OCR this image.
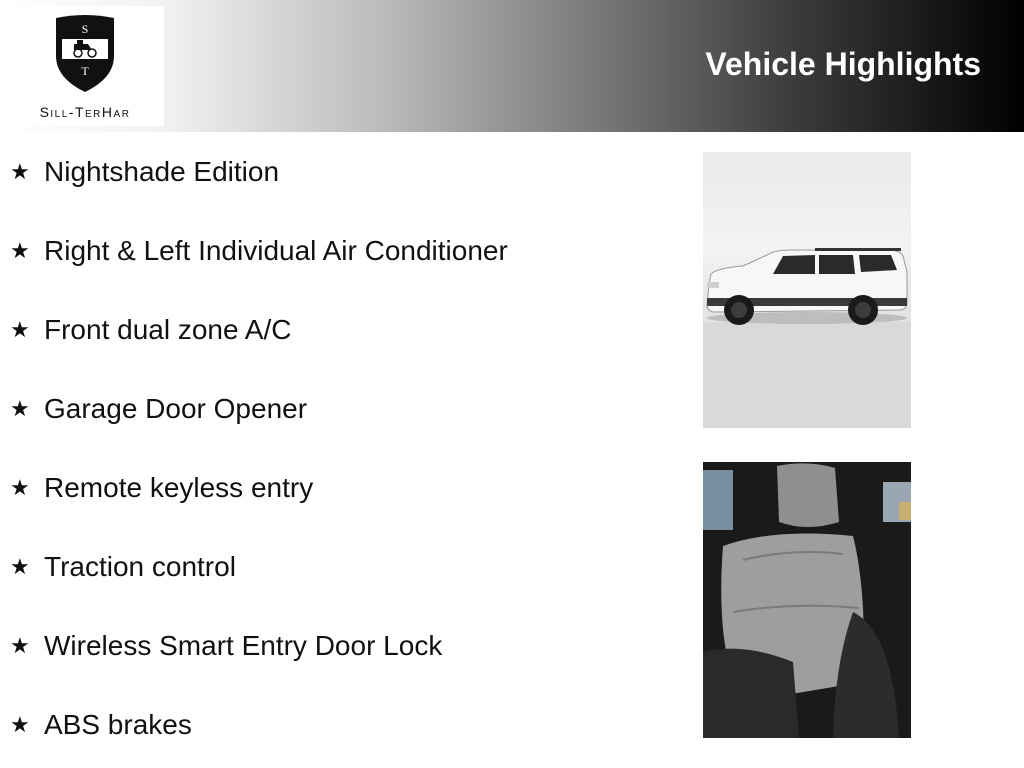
S
T
Sill-TerHar
Vehicle Highlights
★ Nightshade Edition
★ Right & Left Individual Air Conditioner
★ Front dual zone A/C
★ Garage Door Opener
★ Remote keyless entry
★ Traction control
★ Wireless Smart Entry Door Lock
★ ABS brakes
